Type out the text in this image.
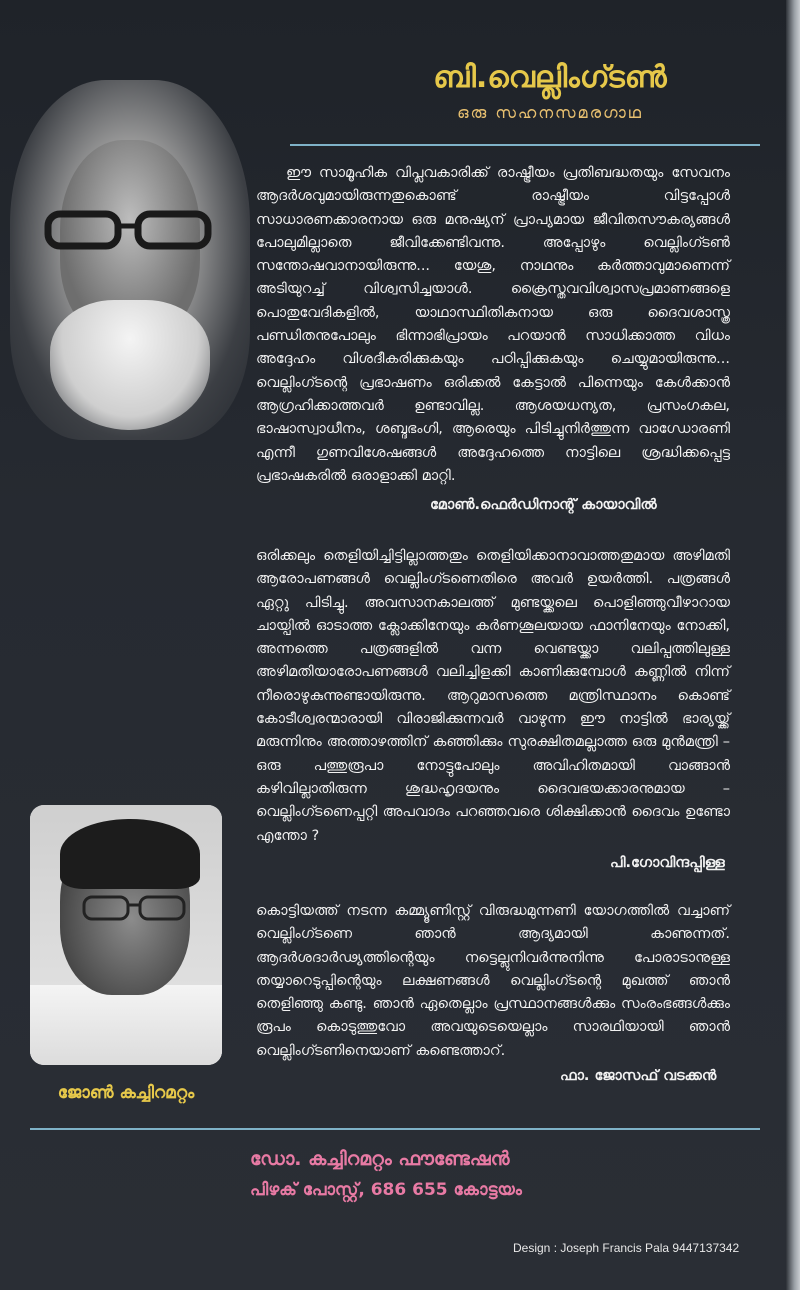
ബി.വെല്ലിംഗ്ടൺ
ഒരു സഹനസമരഗാഥ
ഈ സാമൂഹിക വിപ്ലവകാരിക്ക് രാഷ്ട്രീയം പ്രതിബദ്ധതയും സേവനം ആദർശവുമായിരുന്നതുകൊണ്ട് രാഷ്ട്രീയം വിട്ടപ്പോൾ സാധാരണക്കാരനായ ഒരു മനുഷ്യന് പ്രാപ്യമായ ജീവിതസൗകര്യങ്ങൾ പോലുമില്ലാതെ ജീവിക്കേണ്ടിവന്നു. അപ്പോഴും വെല്ലിംഗ്ടൺ സന്തോഷവാനായിരുന്നു... യേശു, നാഥനും കർത്താവുമാണെന്ന് അടിയുറച്ച് വിശ്വസിച്ചയാൾ. ക്രൈസ്തവവിശ്വാസപ്രമാണങ്ങളെ പൊതുവേദികളിൽ, യാഥാസ്ഥിതികനായ ഒരു ദൈവശാസ്ത്ര പണ്ഡിതനുപോലും ഭിന്നാഭിപ്രായം പറയാൻ സാധിക്കാത്ത വിധം അദ്ദേഹം വിശദീകരിക്കുകയും പഠിപ്പിക്കുകയും ചെയ്യുമായിരുന്നു... വെല്ലിംഗ്ടന്റെ പ്രഭാഷണം ഒരിക്കൽ കേട്ടാൽ പിന്നെയും കേൾക്കാൻ ആഗ്രഹിക്കാത്തവർ ഉണ്ടാവില്ല. ആശയധന്യത, പ്രസംഗകല, ഭാഷാസ്വാധീനം, ശബ്ദഭംഗി, ആരെയും പിടിച്ചുനിർത്തുന്ന വാഗ്ധോരണി എന്നീ ഗുണവിശേഷങ്ങൾ അദ്ദേഹത്തെ നാട്ടിലെ ശ്രദ്ധിക്കപ്പെട്ട പ്രഭാഷകരിൽ ഒരാളാക്കി മാറ്റി.
മോൺ.ഫെർഡിനാന്റ് കായാവിൽ
ഒരിക്കലും തെളിയിച്ചിട്ടില്ലാത്തതും തെളിയിക്കാനാവാത്തതുമായ അഴിമതി ആരോപണങ്ങൾ വെല്ലിംഗ്ടണെതിരെ അവർ ഉയർത്തി. പത്രങ്ങൾ ഏറ്റു പിടിച്ചു. അവസാനകാലത്ത് മുണ്ടയ്ക്കലെ പൊളിഞ്ഞുവീഴാറായ ചായ്പിൽ ഓടാത്ത ക്ലോക്കിനേയും കർണശൂലയായ ഫാനിനേയും നോക്കി, അന്നത്തെ പത്രങ്ങളിൽ വന്ന വെണ്ടയ്ക്കാ വലിപ്പത്തിലുള്ള അഴിമതിയാരോപണങ്ങൾ വലിച്ചിളക്കി കാണിക്കുമ്പോൾ കണ്ണിൽ നിന്ന് നീരൊഴുകുന്നുണ്ടായിരുന്നു. ആറുമാസത്തെ മന്ത്രിസ്ഥാനം കൊണ്ട് കോടീശ്വരന്മാരായി വിരാജിക്കുന്നവർ വാഴുന്ന ഈ നാട്ടിൽ ഭാര്യയ്ക്ക് മരുന്നിനും അത്താഴത്തിന് കഞ്ഞിക്കും സുരക്ഷിതമല്ലാത്ത ഒരു മുൻമന്ത്രി – ഒരു പത്തുരൂപാ നോട്ടുപോലും അവിഹിതമായി വാങ്ങാൻ കഴിവില്ലാതിരുന്ന ശുദ്ധഹൃദയനും ദൈവഭയക്കാരനുമായ – വെല്ലിംഗ്ടണെപ്പറ്റി അപവാദം പറഞ്ഞവരെ ശിക്ഷിക്കാൻ ദൈവം ഉണ്ടോ എന്തോ ?
പി.ഗോവിന്ദപ്പിള്ള
കൊട്ടിയത്ത് നടന്ന കമ്മ്യൂണിസ്റ്റ് വിരുദ്ധമുന്നണി യോഗത്തിൽ വച്ചാണ് വെല്ലിംഗ്ടണെ ഞാൻ ആദ്യമായി കാണുന്നത്. ആദർശദാർഢ്യത്തിന്റെയും നട്ടെല്ലുനിവർന്നുനിന്നു പോരാടാനുള്ള തയ്യാറെടുപ്പിന്റെയും ലക്ഷണങ്ങൾ വെല്ലിംഗ്ടന്റെ മുഖത്ത് ഞാൻ തെളിഞ്ഞു കണ്ടു. ഞാൻ ഏതെല്ലാം പ്രസ്ഥാനങ്ങൾക്കും സംരംഭങ്ങൾക്കും രൂപം കൊടുത്തുവോ അവയുടെയെല്ലാം സാരഥിയായി ഞാൻ വെല്ലിംഗ്ടണിനെയാണ് കണ്ടെത്താറ്.
ഫാ. ജോസഫ് വടക്കൻ
ജോൺ കച്ചിറമറ്റം
ഡോ. കച്ചിറമറ്റം ഫൗണ്ടേഷൻ
പിഴക് പോസ്റ്റ്, 686 655 കോട്ടയം
Design : Joseph Francis Pala 9447137342
